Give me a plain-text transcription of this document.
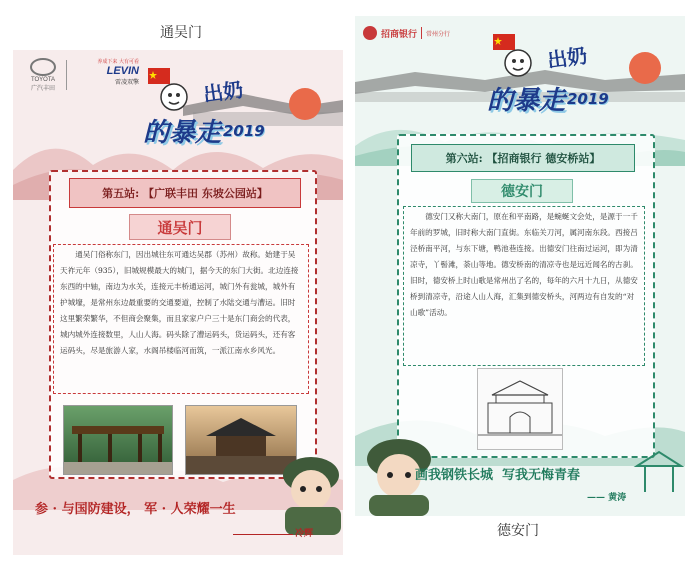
通吴门
德安门
TOYOTA
广汽丰田
养成下来 大有可看
LEVIN
雷凌双擎	出奶
的暴走 2019
第五站: 【广联丰田 东坡公园站】
通吴门
通吴门俗称东门，因出城往东可通达吴郡（苏州）故称。始建于吴天祚元年（935），旧城规模最大的城门，据今天的东门大街。北边连接东西的中轴，南边为水关，连接元丰桥通运河，城门外有瓮城，城外有护城壕，是常州东边最重要的交通要道，控制了水陆交通与漕运。旧时这里繁荣繁华，不但商会聚集，而且家家户户三十是东门商会的代表，城内城外连接数里，人山人海。码头除了漕运码头，货运码头，还有客运码头，尽是旅游人家，水阁吊楼临河而筑，一派江南水乡风光。
参 · 与国防建设， 军 · 人荣耀一生
冷辉
招商银行 常州分行
出奶
的暴走 2019
第六站: 【招商银行 德安桥站】
德安门
德安门又称大南门，原在和平南路，是蜿蜒文会处，是源于一千年前的罗城，旧时称大南门直街。东临关刀河，属河南东段。西接吕泾桥南平河，与东下塘，鸭池巷连接。出德安门往南过运河，即为清凉寺，丫髻滩，荼山等地。德安桥南的清凉寺也是远近闻名的古刹。旧时，德安桥上时山歌是常州出了名的，每年的六月十九日，从德安桥到清凉寺，沿途人山人海，汇集到德安桥头，河两边有自发的“对山歌”活动。
画我钢铁长城  写我无悔青春
—— 黄涛
